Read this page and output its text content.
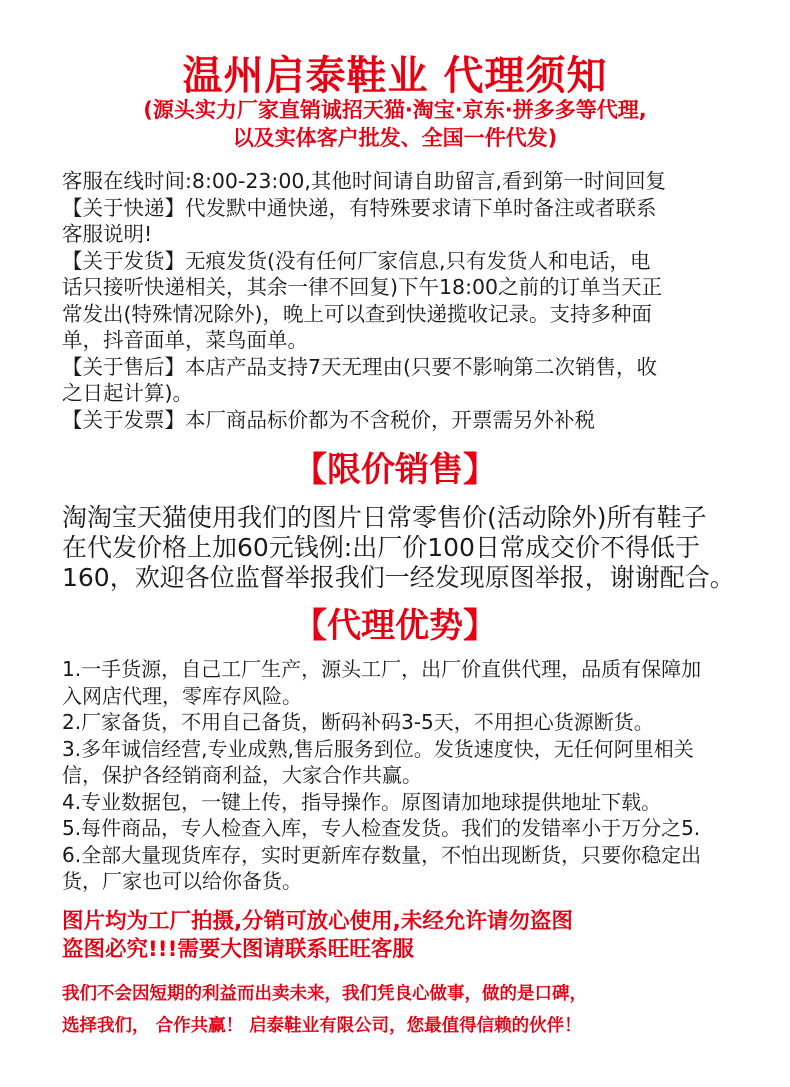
温州启泰鞋业 代理须知
(源头实力厂家直销诚招天猫·淘宝·京东·拼多多等代理,
以及实体客户批发、全国一件代发)

客服在线时间:8:00-23:00,其他时间请自助留言,看到第一时间回复

【关于快递】代发默中通快递，有特殊要求请下单时备注或者联系

客服说明!

【关于发货】无痕发货(没有任何厂家信息,只有发货人和电话，电

话只接听快递相关，其余一律不回复)下午18:00之前的订单当天正

常发出(特殊情况除外)，晚上可以查到快递揽收记录。支持多种面

单，抖音面单，菜鸟面单。

【关于售后】本店产品支持7天无理由(只要不影响第二次销售，收

之日起计算)。

【关于发票】本厂商品标价都为不含税价，开票需另外补税

【限价销售】

淘淘宝天猫使用我们的图片日常零售价(活动除外)所有鞋子

在代发价格上加60元钱例:出厂价100日常成交价不得低于

160，欢迎各位监督举报我们一经发现原图举报，谢谢配合。

【代理优势】

1.一手货源，自己工厂生产，源头工厂，出厂价直供代理，品质有保障加

入网店代理，零库存风险。

2.厂家备货，不用自己备货，断码补码3-5天，不用担心货源断货。

3.多年诚信经营,专业成熟,售后服务到位。发货速度快，无任何阿里相关

信，保护各经销商利益，大家合作共赢。

4.专业数据包，一键上传，指导操作。原图请加地球提供地址下载。

5.每件商品，专人检查入库，专人检查发货。我们的发错率小于万分之5.

6.全部大量现货库存，实时更新库存数量，不怕出现断货，只要你稳定出

货，厂家也可以给你备货。

图片均为工厂拍摄,分销可放心使用,未经允许请勿盗图

盗图必究!!!需要大图请联系旺旺客服

我们不会因短期的利益而出卖未来，我们凭良心做事，做的是口碑，

选择我们， 合作共赢！ 启泰鞋业有限公司，您最值得信赖的伙伴！
